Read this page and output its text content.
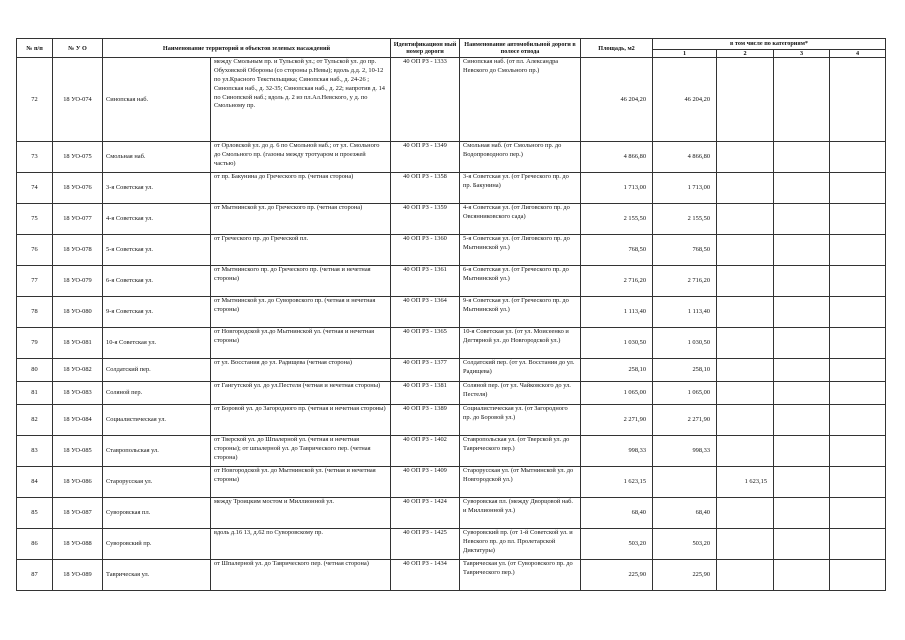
№ п/п	№ У О	Наименование территорий и объектов зеленых насаждений		Идентификацион ный номер дороги	Наименование автомобильной дороги в полосе отвода	Площадь, м2	в том числе по категориям*			
							1	2	3	4
72	18 УО-074	Синопская наб.	между Смольным пр. и Тульской ул.; от Тульской ул. до пр. Обуховской Обороны (со стороны р.Невы); вдоль д.д. 2, 10-12 по ул.Красного Текстильщика; Синопская наб., д. 24-26 ; Синопская наб., д. 32-35; Синопская наб., д. 22; напротив д. 14 по Синопской наб.; вдоль д. 2 из пл.Ал.Невского, у д. по Смольному пр.	40 ОП РЗ - 1333	Синопская наб. (от пл. Александра Невского до Смольного пр.)	46 204,20	46 204,20			
73	18 УО-075	Смольная наб.	от Орловской ул. до д. 6 по Смольной наб.; от ул. Смольного до Смольного пр. (газоны между тротуаром и проезжей частью)	40 ОП РЗ - 1349	Смольная наб. (от Смольного пр. до Водопроводного пер.)	4 866,80	4 866,80			
74	18 УО-076	3-я Советская ул.	от пр. Бакунина до Греческого пр. (четная сторона)	40 ОП РЗ - 1358	3-я Советская ул. (от Греческого пр. до пр. Бакунина)	1 713,00	1 713,00			
75	18 УО-077	4-я Советская ул.	от Мытнинской ул. до Греческого пр. (четная сторона)	40 ОП РЗ - 1359	4-я Советская ул. (от Лиговского пр. до Овсянниковского сада)	2 155,50	2 155,50			
76	18 УО-078	5-я Советская ул.	от Греческого пр. до Греческой пл.	40 ОП РЗ - 1360	5-я Советская ул. (от Лиговского пр. до Мытнинской ул.)	768,50	768,50			
77	18 УО-079	6-я Советская ул.	от Мытнинского пр. до Греческого пр. (четная и нечетная стороны)	40 ОП РЗ - 1361	6-я Советская ул. (от Греческого пр. до Мытнинской ул.)	2 716,20	2 716,20			
78	18 УО-080	9-я Советская ул.	от Мытнинской ул. до Суворовского пр. (четная и нечетная стороны)	40 ОП РЗ - 1364	9-я Советская ул. (от Греческого пр. до Мытнинской ул.)	1 113,40	1 113,40			
79	18 УО-081	10-я Советская ул.	от Новгородской ул.до Мытнинской ул. (четная и нечетная стороны)	40 ОП РЗ - 1365	10-я Советская ул. (от ул. Моисеенко и Дегтярной ул. до Новгородской ул.)	1 030,50	1 030,50			
80	18 УО-082	Солдатский пер.	от ул. Восстания до ул. Радищева (четная сторона)	40 ОП РЗ - 1377	Солдатский пер. (от ул. Восстания до ул. Радищева)	258,10	258,10			
81	18 УО-083	Соляной пер.	от Гангутской ул. до ул.Пестеля (четная и нечетная стороны)	40 ОП РЗ - 1381	Соляной пер. (от ул. Чайковского до ул. Пестеля)	1 065,00	1 065,00			
82	18 УО-084	Социалистическая ул.	от Боровой ул. до Загородного пр. (четная и нечетная стороны)	40 ОП РЗ - 1389	Социалистическая ул. (от Загородного пр. до Боровой ул.)	2 271,90	2 271,90			
83	18 УО-085	Ставропольская ул.	от Тверской ул. до Шпалерной ул. (четная и нечетная стороны); от шпалерной ул. до Таврического пер. (четная сторона)	40 ОП РЗ - 1402	Ставропольская ул. (от Тверской ул. до Таврического пер.)	998,33	998,33			
84	18 УО-086	Старорусская ул.	от Новгородской ул. до Мытнинской ул. (четная и нечетная стороны)	40 ОП РЗ - 1409	Старорусская ул. (от Мытнинской ул. до Новгородской ул.)	1 623,15		1 623,15		
85	18 УО-087	Суворовская пл.	между Троицким мостом и Миллионной ул.	40 ОП РЗ - 1424	Суворовская пл. (между Дворцовой наб. и Миллионной ул.)	68,40	68,40			
86	18 УО-088	Суворовский пр.	вдоль д.16 13, д.62 по Суворовскому пр.	40 ОП РЗ - 1425	Суворовский пр. (от 1-й Советской ул. и Невского пр. до пл. Пролетарской Диктатуры)	503,20	503,20			
87	18 УО-089	Таврическая ул.	от Шпалерной ул. до Таврического пер. (четная сторона)	40 ОП РЗ - 1434	Таврическая ул. (от Суворовского пр. до Таврического пер.)	225,90	225,90			
